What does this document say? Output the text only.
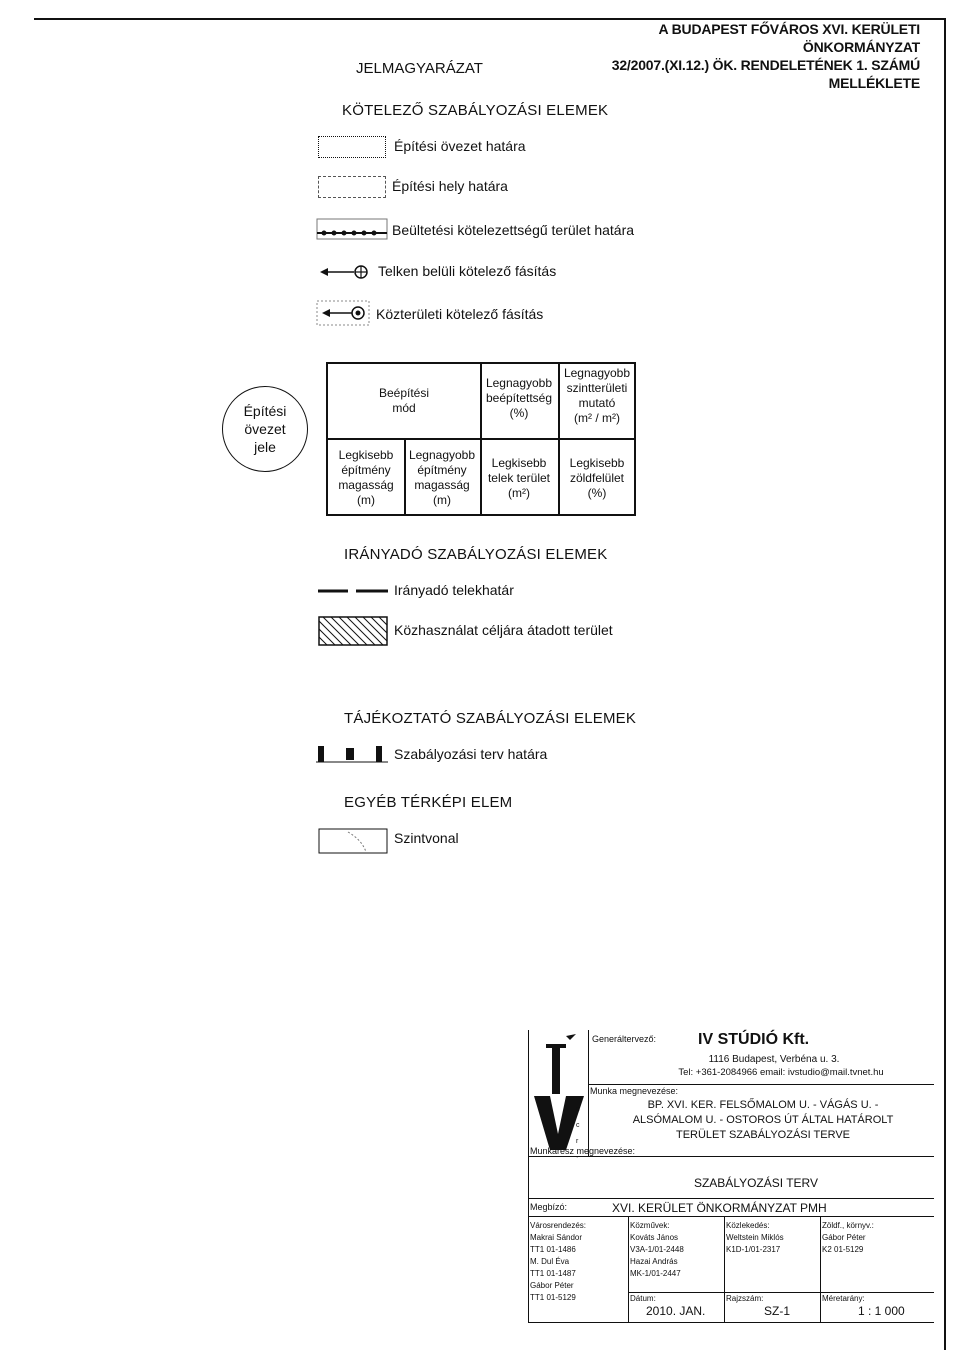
A BUDAPEST FŐVÁROS XVI. KERÜLETI ÖNKORMÁNYZAT
32/2007.(XI.12.) ÖK. RENDELETÉNEK 1. SZÁMÚ MELLÉKLETE
JELMAGYARÁZAT
KÖTELEZŐ SZABÁLYOZÁSI ELEMEK
Építési övezet határa
Építési hely határa
Beültetési kötelezettségű terület határa
Telken belüli kötelező fásítás
Közterületi kötelező fásítás
Építési
övezet
jele
Beépítési
mód
Legnagyobb
beépítettség
(%)
Legnagyobb
szintterületi
mutató
(m² / m²)
Legkisebb
építmény
magasság
(m)
Legnagyobb
építmény
magasság
(m)
Legkisebb
telek terület
(m²)
Legkisebb
zöldfelület
(%)
IRÁNYADÓ SZABÁLYOZÁSI ELEMEK
Irányadó telekhatár
Közhasználat céljára átadott terület
TÁJÉKOZTATÓ SZABÁLYOZÁSI ELEMEK
Szabályozási terv határa
EGYÉB TÉRKÉPI ELEM
Szintvonal
o
c
r
·
Generáltervező:	IV STÚDIÓ Kft.
1116 Budapest, Verbéna u. 3.
Tel: +361-2084966 email: ivstudio@mail.tvnet.hu
Munka megnevezése:
BP. XVI. KER. FELSŐMALOM U. - VÁGÁS U. -
ALSÓMALOM U. - OSTOROS ÚT ÁLTAL HATÁROLT
TERÜLET SZABÁLYOZÁSI TERVE
Munkarész megnevezése:
SZABÁLYOZÁSI TERV
Megbízó:	XVI. KERÜLET ÖNKORMÁNYZAT PMH
Városrendezés:
Makrai Sándor
TT1 01-1486
M. Dul Éva
TT1 01-1487
Gábor Péter
TT1 01-5129
Közművek:
Kováts János
V3A-1/01-2448
Hazai András
MK-1/01-2447
Közlekedés:
Weltstein Miklós
K1D-1/01-2317
Zöldf., környv.:
Gábor Péter
K2 01-5129
Dátum:
2010. JAN.
Rajzszám:
SZ-1
Méretarány:
1 : 1 000
